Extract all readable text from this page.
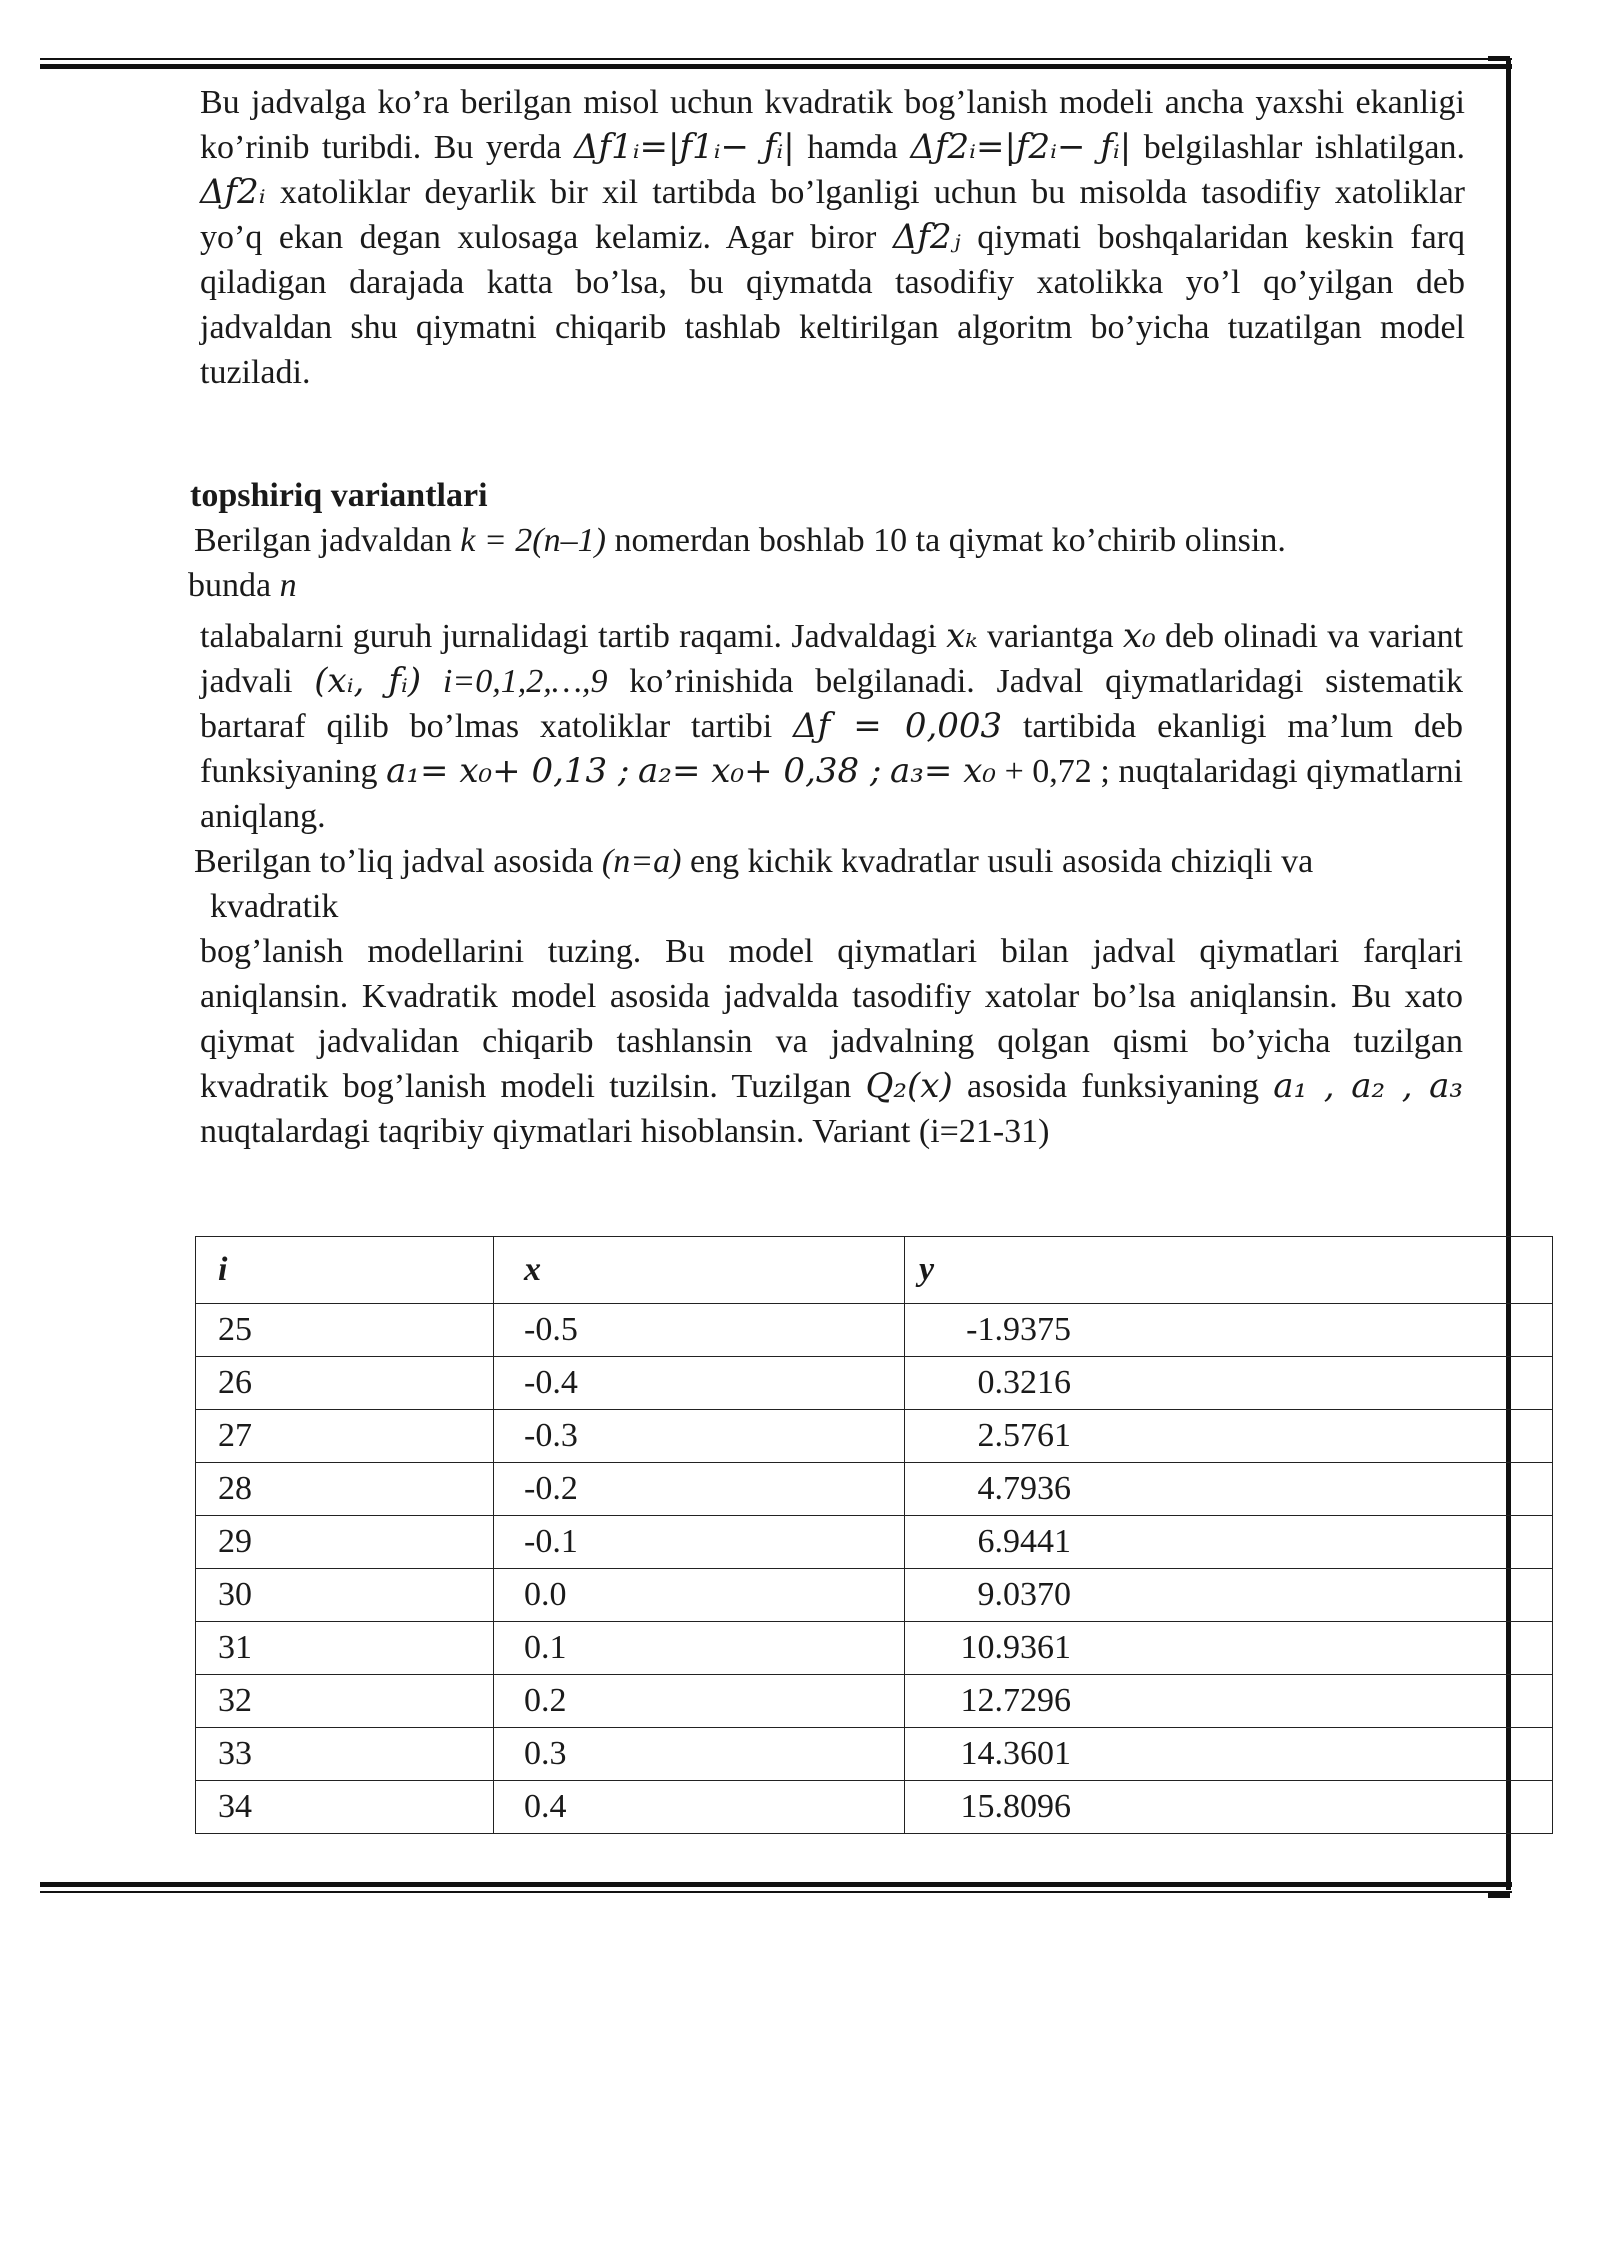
Bu jadvalga ko’ra berilgan misol uchun kvadratik bog’lanish modeli ancha yaxshi ekanligi ko’rinib turibdi. Bu yerda Δƒ1ᵢ=|ƒ1ᵢ− ƒᵢ| hamda Δƒ2ᵢ=|ƒ2ᵢ− ƒᵢ| belgilashlar ishlatilgan. Δƒ2ᵢ xatoliklar deyarlik bir xil tartibda bo’lganligi uchun bu misolda tasodifiy xatoliklar yo’q ekan degan xulosaga kelamiz. Agar biror Δƒ2ⱼ qiymati boshqalaridan keskin farq qiladigan darajada katta bo’lsa, bu qiymatda tasodifiy xatolikka yo’l qo’yilgan deb jadvaldan shu qiymatni chiqarib tashlab keltirilgan algoritm bo’yicha tuzatilgan model tuziladi.

topshiriq variantlari

Berilgan jadvaldan k = 2(n–1) nomerdan boshlab 10 ta qiymat ko’chirib olinsin.

bunda n

talabalarni guruh jurnalidagi tartib raqami. Jadvaldagi xₖ variantga x₀ deb olinadi va variant jadvali (xᵢ, ƒᵢ) i=0,1,2,…,9 ko’rinishida belgilanadi. Jadval qiymatlaridagi sistematik bartaraf qilib bo’lmas xatoliklar tartibi Δƒ = 0,003 tartibida ekanligi ma’lum deb funksiyaning a₁= x₀+ 0,13 ; a₂= x₀+ 0,38 ; a₃= x₀ + 0,72 ; nuqtalaridagi qiymatlarni aniqlang.

Berilgan to’liq jadval asosida (n=a) eng kichik kvadratlar usuli asosida chiziqli va

kvadratik

bog’lanish modellarini tuzing. Bu model qiymatlari bilan jadval qiymatlari farqlari aniqlansin. Kvadratik model asosida jadvalda tasodifiy xatolar bo’lsa aniqlansin. Bu xato qiymat jadvalidan chiqarib tashlansin va jadvalning qolgan qismi bo’yicha tuzilgan kvadratik bog’lanish modeli tuzilsin. Tuzilgan Q₂(x) asosida funksiyaning a₁ , a₂ , a₃ nuqtalardagi taqribiy qiymatlari hisoblansin. Variant (i=21-31)

i	x	y
25	-0.5	-1.9375
26	-0.4	0.3216
27	-0.3	2.5761
28	-0.2	4.7936
29	-0.1	6.9441
30	0.0	9.0370
31	0.1	10.9361
32	0.2	12.7296
33	0.3	14.3601
34	0.4	15.8096
